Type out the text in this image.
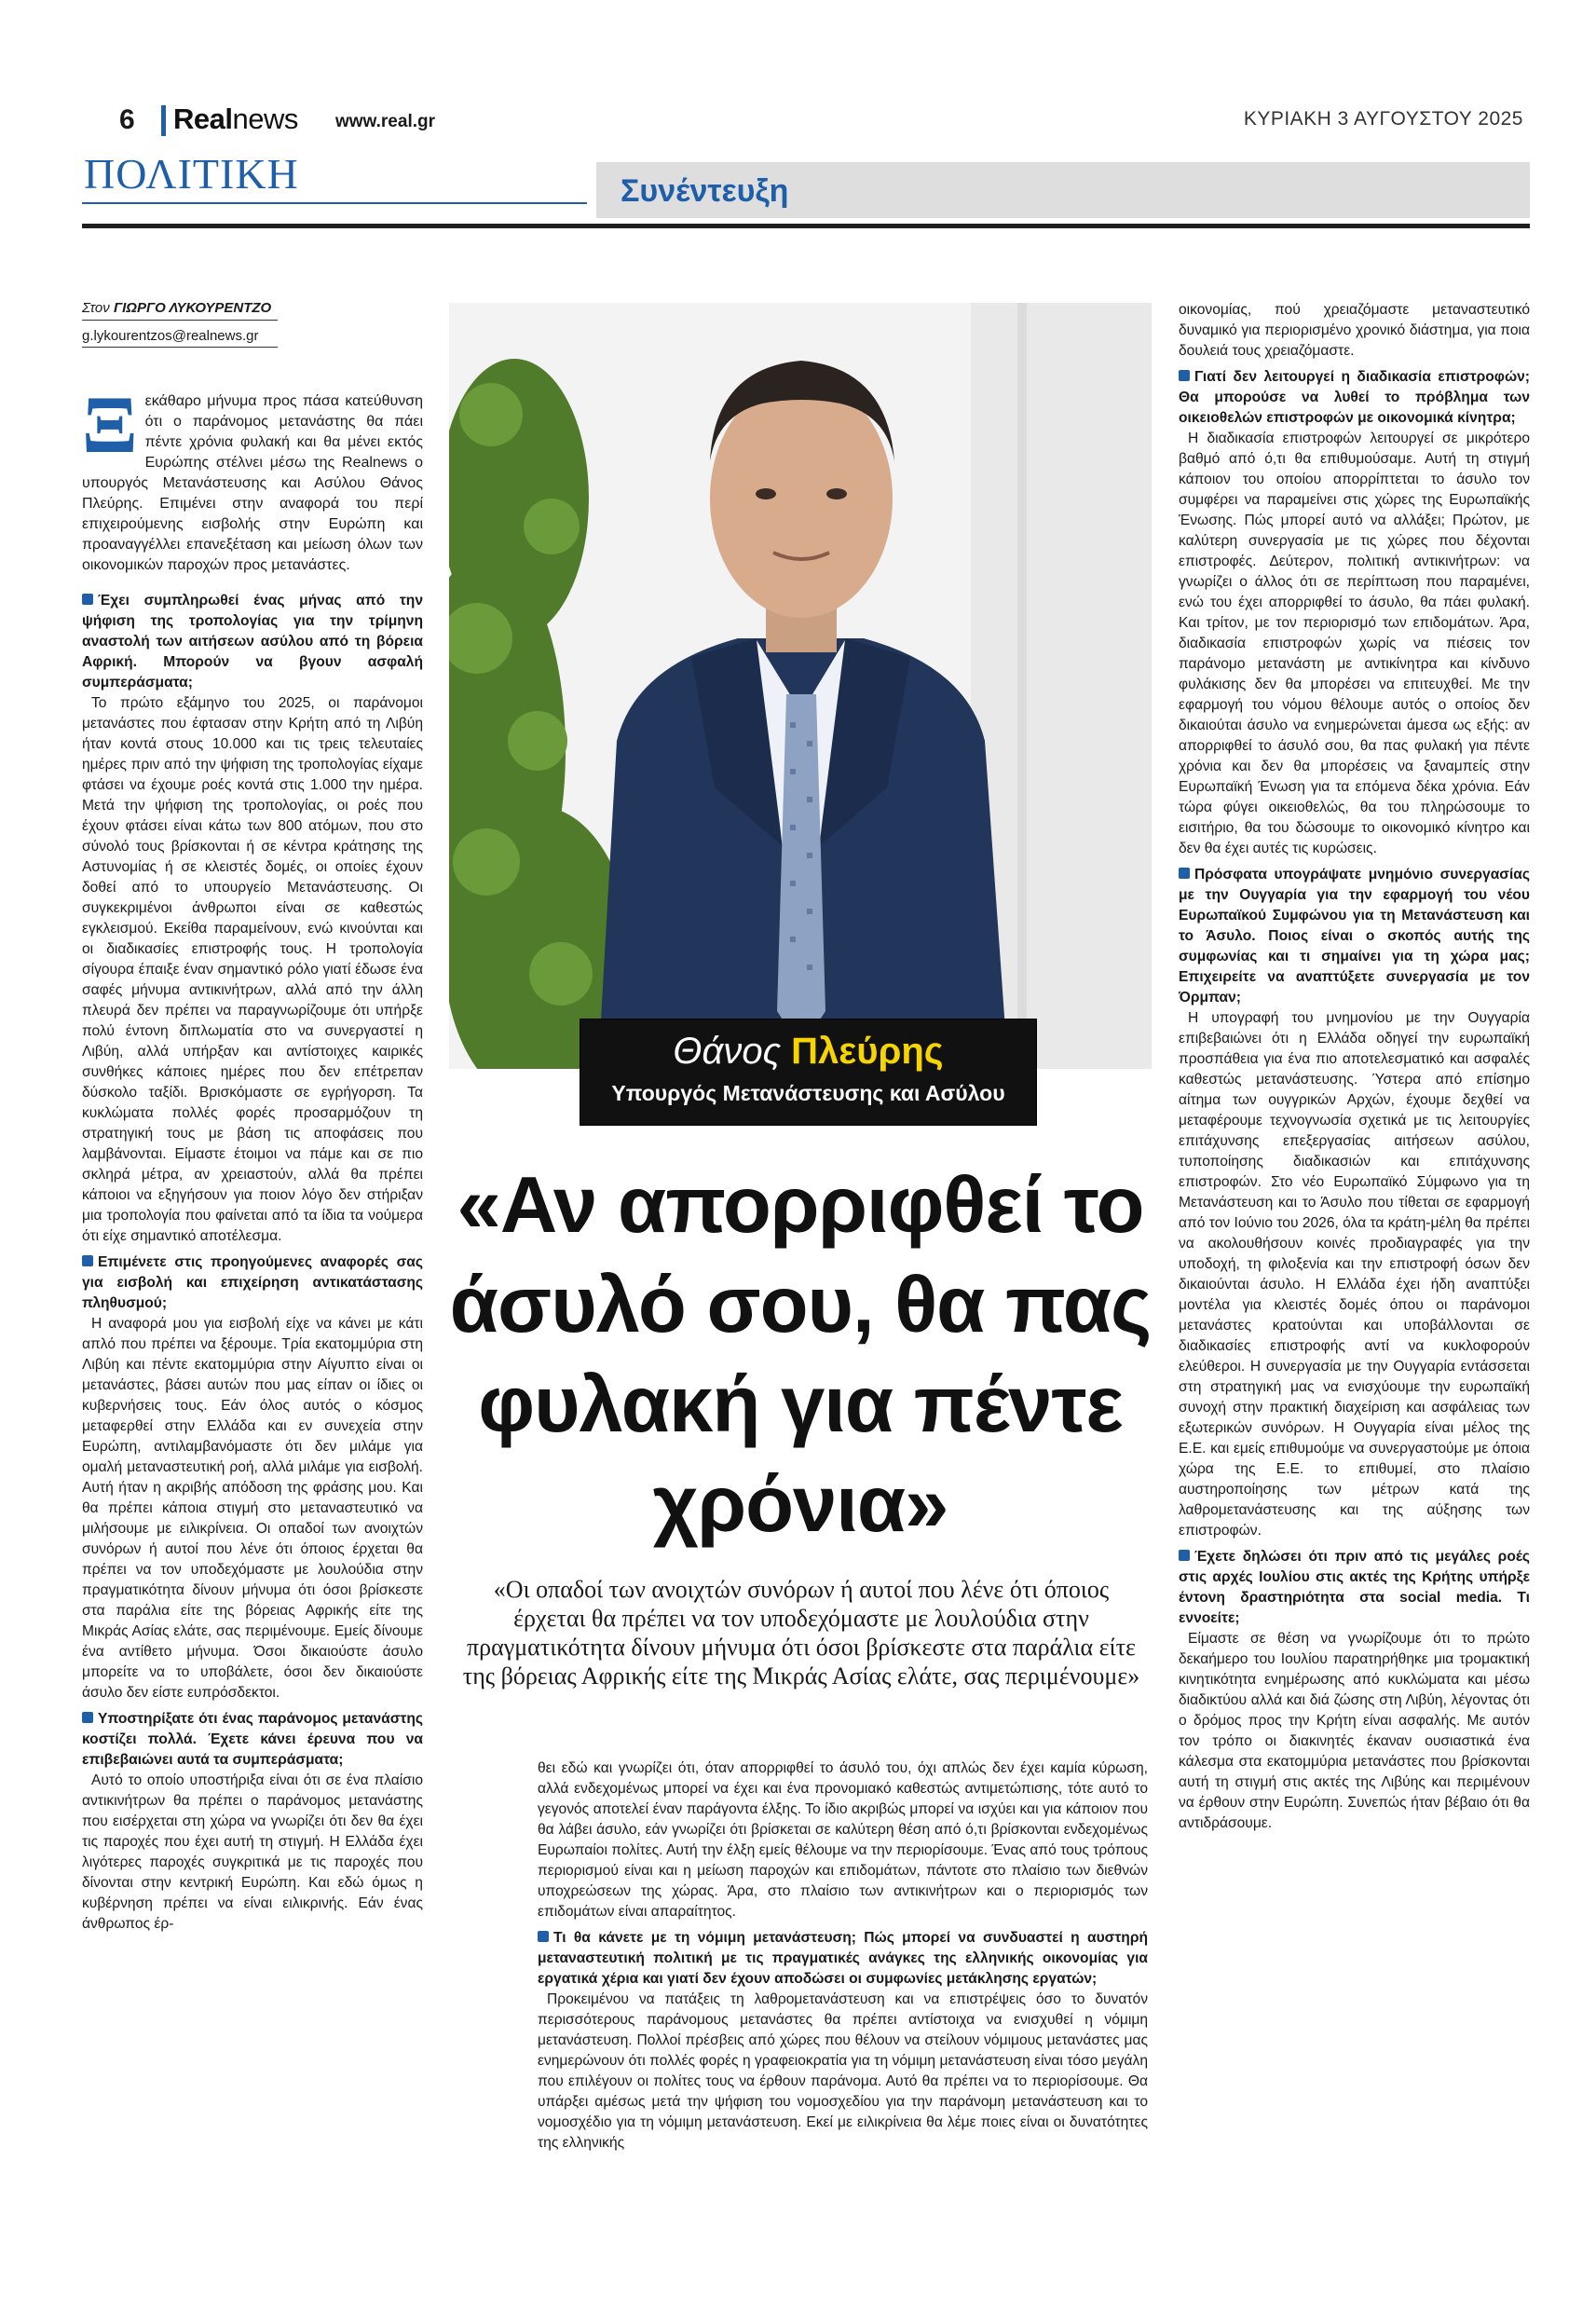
6 Realnews www.real.gr	ΚΥΡΙΑΚΗ 3 ΑΥΓΟΥΣΤΟΥ 2025
ΠΟΛΙΤΙΚΗ	Συνέντευξη
Στον ΓΙΩΡΓΟ ΛΥΚΟΥΡΕΝΤΖΟ
g.lykourentzos@realnews.gr

Ξεκάθαρο μήνυμα προς πάσα κατεύθυνση ότι ο παράνομος μετανάστης θα πάει πέντε χρόνια φυλακή και θα μένει εκτός Ευρώπης στέλνει μέσω της Realnews ο υπουργός Μετανάστευσης και Ασύλου Θάνος Πλεύρης. Επιμένει στην αναφορά του περί επιχειρούμενης εισβολής στην Ευρώπη και προαναγγέλλει επανεξέταση και μείωση όλων των οικονομικών παροχών προς μετανάστες.

Έχει συμπληρωθεί ένας μήνας από την ψήφιση της τροπολογίας για την τρίμηνη αναστολή των αιτήσεων ασύλου από τη βόρεια Αφρική. Μπορούν να βγουν ασφαλή συμπεράσματα;

Το πρώτο εξάμηνο του 2025, οι παράνομοι μετανάστες που έφτασαν στην Κρήτη από τη Λιβύη ήταν κοντά στους 10.000 και τις τρεις τελευταίες ημέρες πριν από την ψήφιση της τροπολογίας είχαμε φτάσει να έχουμε ροές κοντά στις 1.000 την ημέρα. Μετά την ψήφιση της τροπολογίας, οι ροές που έχουν φτάσει είναι κάτω των 800 ατόμων, που στο σύνολό τους βρίσκονται ή σε κέντρα κράτησης της Αστυνομίας ή σε κλειστές δομές, οι οποίες έχουν δοθεί από το υπουργείο Μετανάστευσης. Οι συγκεκριμένοι άνθρωποι είναι σε καθεστώς εγκλεισμού. Εκείθα παραμείνουν, ενώ κινούνται και οι διαδικασίες επιστροφής τους. Η τροπολογία σίγουρα έπαιξε έναν σημαντικό ρόλο γιατί έδωσε ένα σαφές μήνυμα αντικινήτρων, αλλά από την άλλη πλευρά δεν πρέπει να παραγνωρίζουμε ότι υπήρξε πολύ έντονη διπλωματία στο να συνεργαστεί η Λιβύη, αλλά υπήρξαν και αντίστοιχες καιρικές συνθήκες κάποιες ημέρες που δεν επέτρεπαν δύσκολο ταξίδι. Βρισκόμαστε σε εγρήγορση. Τα κυκλώματα πολλές φορές προσαρμόζουν τη στρατηγική τους με βάση τις αποφάσεις που λαμβάνονται. Είμαστε έτοιμοι να πάμε και σε πιο σκληρά μέτρα, αν χρειαστούν, αλλά θα πρέπει κάποιοι να εξηγήσουν για ποιον λόγο δεν στήριξαν μια τροπολογία που φαίνεται από τα ίδια τα νούμερα ότι είχε σημαντικό αποτέλεσμα.

Επιμένετε στις προηγούμενες αναφορές σας για εισβολή και επιχείρηση αντικατάστασης πληθυσμού;

Η αναφορά μου για εισβολή είχε να κάνει με κάτι απλό που πρέπει να ξέρουμε. Τρία εκατομμύρια στη Λιβύη και πέντε εκατομμύρια στην Αίγυπτο είναι οι μετανάστες, βάσει αυτών που μας είπαν οι ίδιες οι κυβερνήσεις τους. Εάν όλος αυτός ο κόσμος μεταφερθεί στην Ελλάδα και εν συνεχεία στην Ευρώπη, αντιλαμβανόμαστε ότι δεν μιλάμε για ομαλή μεταναστευτική ροή, αλλά μιλάμε για εισβολή. Αυτή ήταν η ακριβής απόδοση της φράσης μου. Και θα πρέπει κάποια στιγμή στο μεταναστευτικό να μιλήσουμε με ειλικρίνεια. Οι οπαδοί των ανοιχτών συνόρων ή αυτοί που λένε ότι όποιος έρχεται θα πρέπει να τον υποδεχόμαστε με λουλούδια στην πραγματικότητα δίνουν μήνυμα ότι όσοι βρίσκεστε στα παράλια είτε της βόρειας Αφρικής είτε της Μικράς Ασίας ελάτε, σας περιμένουμε. Εμείς δίνουμε ένα αντίθετο μήνυμα. Όσοι δικαιούστε άσυλο μπορείτε να το υποβάλετε, όσοι δεν δικαιούστε άσυλο δεν είστε ευπρόσδεκτοι.

Υποστηρίξατε ότι ένας παράνομος μετανάστης κοστίζει πολλά. Έχετε κάνει έρευνα που να επιβεβαιώνει αυτά τα συμπεράσματα;

Αυτό το οποίο υποστήριξα είναι ότι σε ένα πλαίσιο αντικινήτρων θα πρέπει ο παράνομος μετανάστης που εισέρχεται στη χώρα να γνωρίζει ότι δεν θα έχει τις παροχές που έχει αυτή τη στιγμή. Η Ελλάδα έχει λιγότερες παροχές συγκριτικά με τις παροχές που δίνονται στην κεντρική Ευρώπη. Και εδώ όμως η κυβέρνηση πρέπει να είναι ειλικρινής. Εάν ένας άνθρωπος έρ-

Θάνος Πλεύρης
Υπουργός Μετανάστευσης και Ασύλου
«Αν απορριφθεί το άσυλό σου, θα πας φυλακή για πέντε χρόνια»
«Οι οπαδοί των ανοιχτών συνόρων ή αυτοί που λένε ότι όποιος έρχεται θα πρέπει να τον υποδεχόμαστε με λουλούδια στην πραγματικότητα δίνουν μήνυμα ότι όσοι βρίσκεστε στα παράλια είτε της βόρειας Αφρικής είτε της Μικράς Ασίας ελάτε, σας περιμένουμε»

θει εδώ και γνωρίζει ότι, όταν απορριφθεί το άσυλό του, όχι απλώς δεν έχει καμία κύρωση, αλλά ενδεχομένως μπορεί να έχει και ένα προνομιακό καθεστώς αντιμετώπισης, τότε αυτό το γεγονός αποτελεί έναν παράγοντα έλξης. Το ίδιο ακριβώς μπορεί να ισχύει και για κάποιον που θα λάβει άσυλο, εάν γνωρίζει ότι βρίσκεται σε καλύτερη θέση από ό,τι βρίσκονται ενδεχομένως Ευρωπαίοι πολίτες. Αυτή την έλξη εμείς θέλουμε να την περιορίσουμε. Ένας από τους τρόπους περιορισμού είναι και η μείωση παροχών και επιδομάτων, πάντοτε στο πλαίσιο των διεθνών υποχρεώσεων της χώρας. Άρα, στο πλαίσιο των αντικινήτρων και ο περιορισμός των επιδομάτων είναι απαραίτητος.

Τι θα κάνετε με τη νόμιμη μετανάστευση; Πώς μπορεί να συνδυαστεί η αυστηρή μεταναστευτική πολιτική με τις πραγματικές ανάγκες της ελληνικής οικονομίας για εργατικά χέρια και γιατί δεν έχουν αποδώσει οι συμφωνίες μετάκλησης εργατών;

Προκειμένου να πατάξεις τη λαθρομετανάστευση και να επιστρέψεις όσο το δυνατόν περισσότερους παράνομους μετανάστες θα πρέπει αντίστοιχα να ενισχυθεί η νόμιμη μετανάστευση. Πολλοί πρέσβεις από χώρες που θέλουν να στείλουν νόμιμους μετανάστες μας ενημερώνουν ότι πολλές φορές η γραφειοκρατία για τη νόμιμη μετανάστευση είναι τόσο μεγάλη που επιλέγουν οι πολίτες τους να έρθουν παράνομα. Αυτό θα πρέπει να το περιορίσουμε. Θα υπάρξει αμέσως μετά την ψήφιση του νομοσχεδίου για την παράνομη μετανάστευση και το νομοσχέδιο για τη νόμιμη μετανάστευση. Εκεί με ειλικρίνεια θα λέμε ποιες είναι οι δυνατότητες της ελληνικής

οικονομίας, πού χρειαζόμαστε μεταναστευτικό δυναμικό για περιορισμένο χρονικό διάστημα, για ποια δουλειά τους χρειαζόμαστε.

Γιατί δεν λειτουργεί η διαδικασία επιστροφών; Θα μπορούσε να λυθεί το πρόβλημα των οικειοθελών επιστροφών με οικονομικά κίνητρα;

Η διαδικασία επιστροφών λειτουργεί σε μικρότερο βαθμό από ό,τι θα επιθυμούσαμε. Αυτή τη στιγμή κάποιον του οποίου απορρίπτεται το άσυλο τον συμφέρει να παραμείνει στις χώρες της Ευρωπαϊκής Ένωσης. Πώς μπορεί αυτό να αλλάξει; Πρώτον, με καλύτερη συνεργασία με τις χώρες που δέχονται επιστροφές. Δεύτερον, πολιτική αντικινήτρων: να γνωρίζει ο άλλος ότι σε περίπτωση που παραμένει, ενώ του έχει απορριφθεί το άσυλο, θα πάει φυλακή. Και τρίτον, με τον περιορισμό των επιδομάτων. Άρα, διαδικασία επιστροφών χωρίς να πιέσεις τον παράνομο μετανάστη με αντικίνητρα και κίνδυνο φυλάκισης δεν θα μπορέσει να επιτευχθεί. Με την εφαρμογή του νόμου θέλουμε αυτός ο οποίος δεν δικαιούται άσυλο να ενημερώνεται άμεσα ως εξής: αν απορριφθεί το άσυλό σου, θα πας φυλακή για πέντε χρόνια και δεν θα μπορέσεις να ξαναμπείς στην Ευρωπαϊκή Ένωση για τα επόμενα δέκα χρόνια. Εάν τώρα φύγει οικειοθελώς, θα του πληρώσουμε το εισιτήριο, θα του δώσουμε το οικονομικό κίνητρο και δεν θα έχει αυτές τις κυρώσεις.

Πρόσφατα υπογράψατε μνημόνιο συνεργασίας με την Ουγγαρία για την εφαρμογή του νέου Ευρωπαϊκού Συμφώνου για τη Μετανάστευση και το Άσυλο. Ποιος είναι ο σκοπός αυτής της συμφωνίας και τι σημαίνει για τη χώρα μας; Επιχειρείτε να αναπτύξετε συνεργασία με τον Όρμπαν;

Η υπογραφή του μνημονίου με την Ουγγαρία επιβεβαιώνει ότι η Ελλάδα οδηγεί την ευρωπαϊκή προσπάθεια για ένα πιο αποτελεσματικό και ασφαλές καθεστώς μετανάστευσης. Ύστερα από επίσημο αίτημα των ουγγρικών Αρχών, έχουμε δεχθεί να μεταφέρουμε τεχνογνωσία σχετικά με τις λειτουργίες επιτάχυνσης επεξεργασίας αιτήσεων ασύλου, τυποποίησης διαδικασιών και επιτάχυνσης επιστροφών. Στο νέο Ευρωπαϊκό Σύμφωνο για τη Μετανάστευση και το Άσυλο που τίθεται σε εφαρμογή από τον Ιούνιο του 2026, όλα τα κράτη-μέλη θα πρέπει να ακολουθήσουν κοινές προδιαγραφές για την υποδοχή, τη φιλοξενία και την επιστροφή όσων δεν δικαιούνται άσυλο. Η Ελλάδα έχει ήδη αναπτύξει μοντέλα για κλειστές δομές όπου οι παράνομοι μετανάστες κρατούνται και υποβάλλονται σε διαδικασίες επιστροφής αντί να κυκλοφορούν ελεύθεροι. Η συνεργασία με την Ουγγαρία εντάσσεται στη στρατηγική μας να ενισχύουμε την ευρωπαϊκή συνοχή στην πρακτική διαχείριση και ασφάλειας των εξωτερικών συνόρων. Η Ουγγαρία είναι μέλος της Ε.Ε. και εμείς επιθυμούμε να συνεργαστούμε με όποια χώρα της Ε.Ε. το επιθυμεί, στο πλαίσιο αυστηροποίησης των μέτρων κατά της λαθρομετανάστευσης και της αύξησης των επιστροφών.

Έχετε δηλώσει ότι πριν από τις μεγάλες ροές στις αρχές Ιουλίου στις ακτές της Κρήτης υπήρξε έντονη δραστηριότητα στα social media. Τι εννοείτε;

Είμαστε σε θέση να γνωρίζουμε ότι το πρώτο δεκαήμερο του Ιουλίου παρατηρήθηκε μια τρομακτική κινητικότητα ενημέρωσης από κυκλώματα και μέσω διαδικτύου αλλά και διά ζώσης στη Λιβύη, λέγοντας ότι ο δρόμος προς την Κρήτη είναι ασφαλής. Με αυτόν τον τρόπο οι διακινητές έκαναν ουσιαστικά ένα κάλεσμα στα εκατομμύρια μετανάστες που βρίσκονται αυτή τη στιγμή στις ακτές της Λιβύης και περιμένουν να έρθουν στην Ευρώπη. Συνεπώς ήταν βέβαιο ότι θα αντιδράσουμε.
